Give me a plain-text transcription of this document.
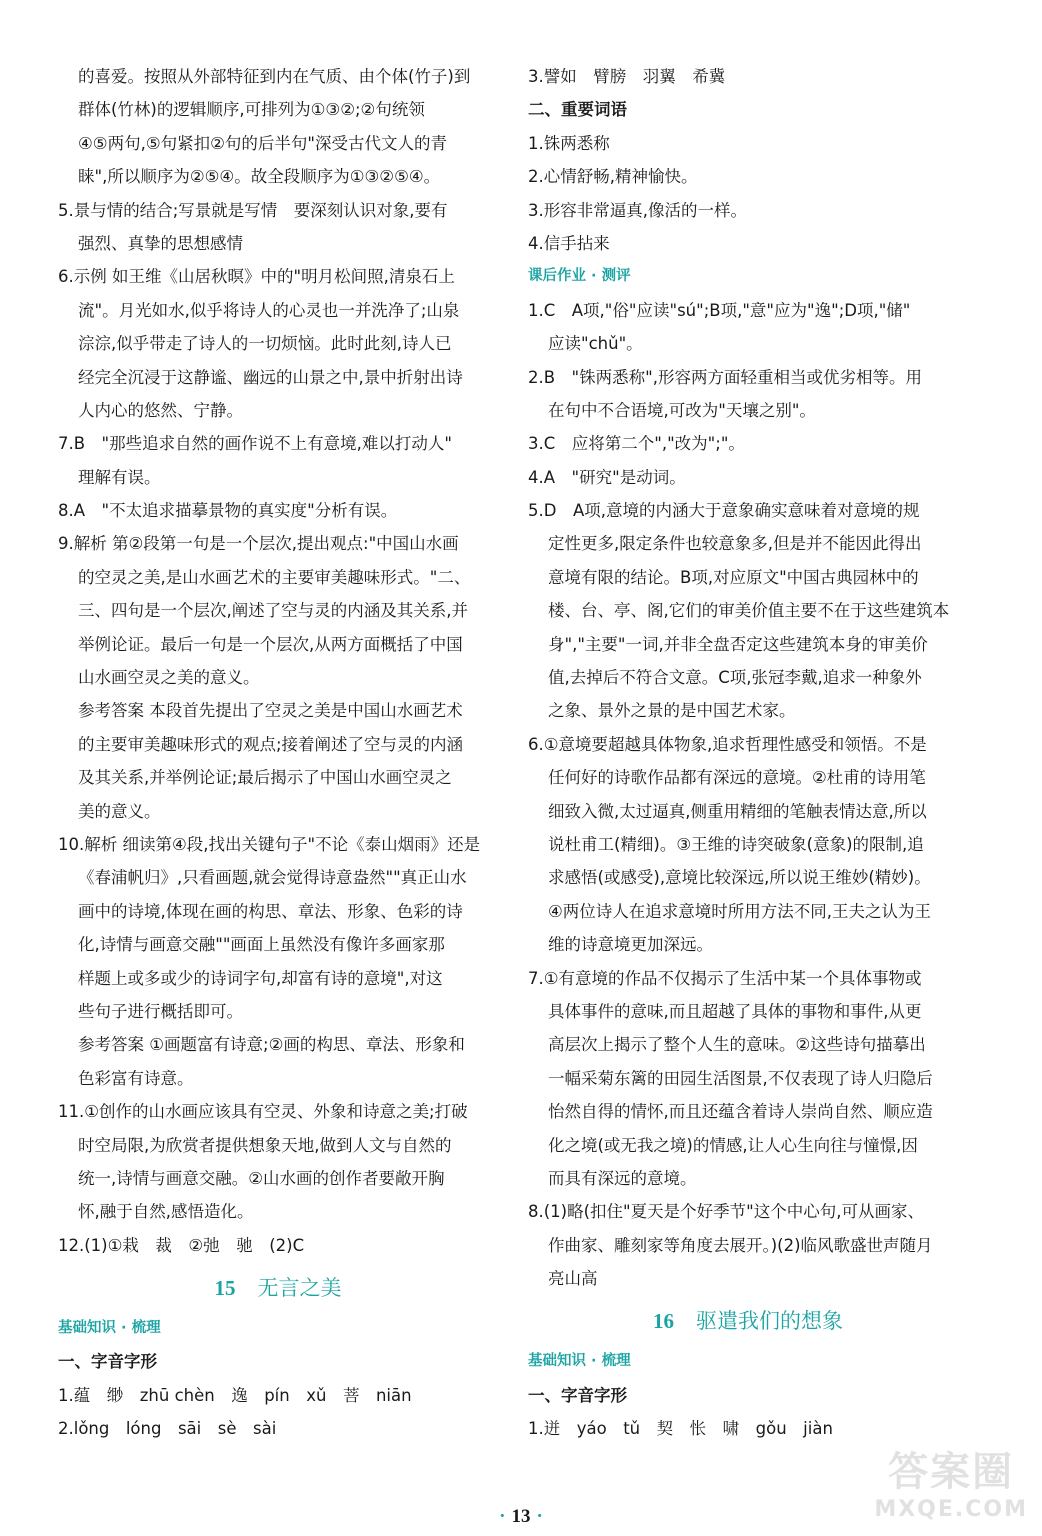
的喜爱。按照从外部特征到内在气质、由个体(竹子)到
群体(竹林)的逻辑顺序,可排列为①③②;②句统领
④⑤两句,⑤句紧扣②句的后半句"深受古代文人的青
睐",所以顺序为②⑤④。故全段顺序为①③②⑤④。
5.景与情的结合;写景就是写情　要深刻认识对象,要有
强烈、真挚的思想感情
6.示例 如王维《山居秋暝》中的"明月松间照,清泉石上
流"。月光如水,似乎将诗人的心灵也一并洗净了;山泉
淙淙,似乎带走了诗人的一切烦恼。此时此刻,诗人已
经完全沉浸于这静谧、幽远的山景之中,景中折射出诗
人内心的悠然、宁静。
7.B　"那些追求自然的画作说不上有意境,难以打动人"
理解有误。
8.A　"不太追求描摹景物的真实度"分析有误。
9.解析 第②段第一句是一个层次,提出观点:"中国山水画
的空灵之美,是山水画艺术的主要审美趣味形式。"二、
三、四句是一个层次,阐述了空与灵的内涵及其关系,并
举例论证。最后一句是一个层次,从两方面概括了中国
山水画空灵之美的意义。
参考答案 本段首先提出了空灵之美是中国山水画艺术
的主要审美趣味形式的观点;接着阐述了空与灵的内涵
及其关系,并举例论证;最后揭示了中国山水画空灵之
美的意义。
10.解析 细读第④段,找出关键句子"不论《泰山烟雨》还是
《春浦帆归》,只看画题,就会觉得诗意盎然""真正山水
画中的诗境,体现在画的构思、章法、形象、色彩的诗
化,诗情与画意交融""画面上虽然没有像许多画家那
样题上或多或少的诗词字句,却富有诗的意境",对这
些句子进行概括即可。
参考答案 ①画题富有诗意;②画的构思、章法、形象和
色彩富有诗意。
11.①创作的山水画应该具有空灵、外象和诗意之美;打破
时空局限,为欣赏者提供想象天地,做到人文与自然的
统一,诗情与画意交融。②山水画的创作者要敞开胸
怀,融于自然,感悟造化。
12.(1)①栽　裁　②弛　驰　(2)C
15 无言之美
基础知识 · 梳理
一、字音字形
1.蕴　缈　zhū chèn　逸　pín　xǔ　菩　niān
2.lǒng　lóng　sāi　sè　sài
3.譬如　臂膀　羽翼　希冀
二、重要词语
1.铢两悉称
2.心情舒畅,精神愉快。
3.形容非常逼真,像活的一样。
4.信手拈来
课后作业 · 测评
1.C　A项,"俗"应读"sú";B项,"意"应为"逸";D项,"储"
应读"chǔ"。
2.B　"铢两悉称",形容两方面轻重相当或优劣相等。用
在句中不合语境,可改为"天壤之别"。
3.C　应将第二个","改为";"。
4.A　"研究"是动词。
5.D　A项,意境的内涵大于意象确实意味着对意境的规
定性更多,限定条件也较意象多,但是并不能因此得出
意境有限的结论。B项,对应原文"中国古典园林中的
楼、台、亭、阁,它们的审美价值主要不在于这些建筑本
身","主要"一词,并非全盘否定这些建筑本身的审美价
值,去掉后不符合文意。C项,张冠李戴,追求一种象外
之象、景外之景的是中国艺术家。
6.①意境要超越具体物象,追求哲理性感受和领悟。不是
任何好的诗歌作品都有深远的意境。②杜甫的诗用笔
细致入微,太过逼真,侧重用精细的笔触表情达意,所以
说杜甫工(精细)。③王维的诗突破象(意象)的限制,追
求感悟(或感受),意境比较深远,所以说王维妙(精妙)。
④两位诗人在追求意境时所用方法不同,王夫之认为王
维的诗意境更加深远。
7.①有意境的作品不仅揭示了生活中某一个具体事物或
具体事件的意味,而且超越了具体的事物和事件,从更
高层次上揭示了整个人生的意味。②这些诗句描摹出
一幅采菊东篱的田园生活图景,不仅表现了诗人归隐后
怡然自得的情怀,而且还蕴含着诗人崇尚自然、顺应造
化之境(或无我之境)的情感,让人心生向往与憧憬,因
而具有深远的意境。
8.(1)略(扣住"夏天是个好季节"这个中心句,可从画家、
作曲家、雕刻家等角度去展开。)(2)临风歌盛世声随月
亮山高
16 驱遣我们的想象
基础知识 · 梳理
一、字音字形
1.迸　yáo　tǔ　契　怅　啸　gǒu　jiàn
· 13 ·
答案圈
MXQE.COM
